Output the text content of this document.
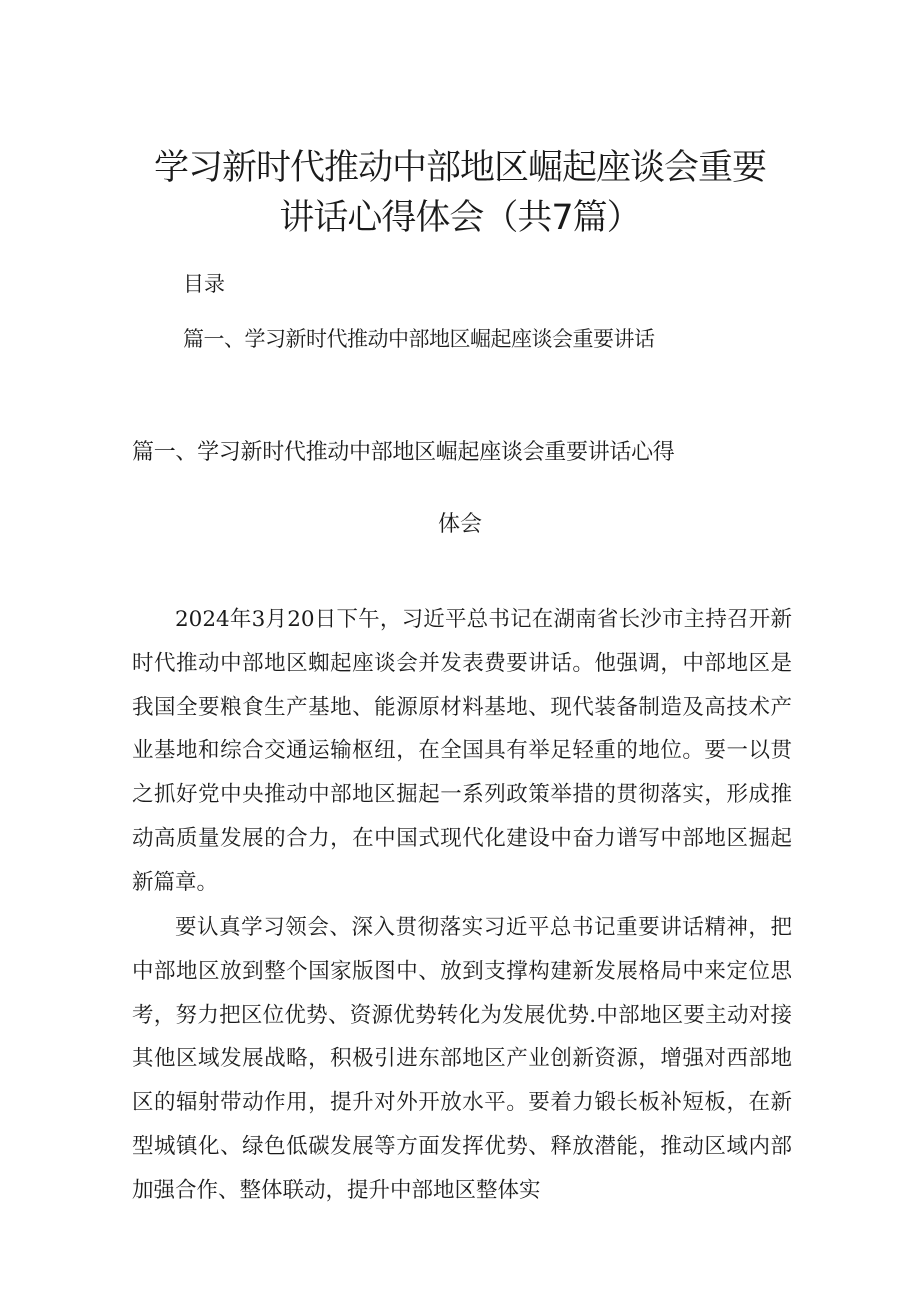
学习新时代推动中部地区崛起座谈会重要
讲话心得体会（共7篇）
目录
篇一、学习新时代推动中部地区崛起座谈会重要讲话
篇一、学习新时代推动中部地区崛起座谈会重要讲话心得
体会

2024年3月20日下午，习近平总书记在湖南省长沙市主持召开新时代推动中部地区蜘起座谈会并发表费要讲话。他强调，中部地区是我国全要粮食生产基地、能源原材料基地、现代装备制造及高技术产业基地和综合交通运输枢纽，在全国具有举足轻重的地位。要一以贯之抓好党中央推动中部地区掘起一系列政策举措的贯彻落实，形成推动高质量发展的合力，在中国式现代化建设中奋力谱写中部地区掘起新篇章。

要认真学习领会、深入贯彻落实习近平总书记重要讲话精神，把中部地区放到整个国家版图中、放到支撑构建新发展格局中来定位思考，努力把区位优势、资源优势转化为发展优势.中部地区要主动对接其他区域发展战略，积极引进东部地区产业创新资源，增强对西部地区的辐射带动作用，提升对外开放水平。要着力锻长板补短板，在新型城镇化、绿色低碳发展等方面发挥优势、释放潜能，推动区域内部加强合作、整体联动，提升中部地区整体实
